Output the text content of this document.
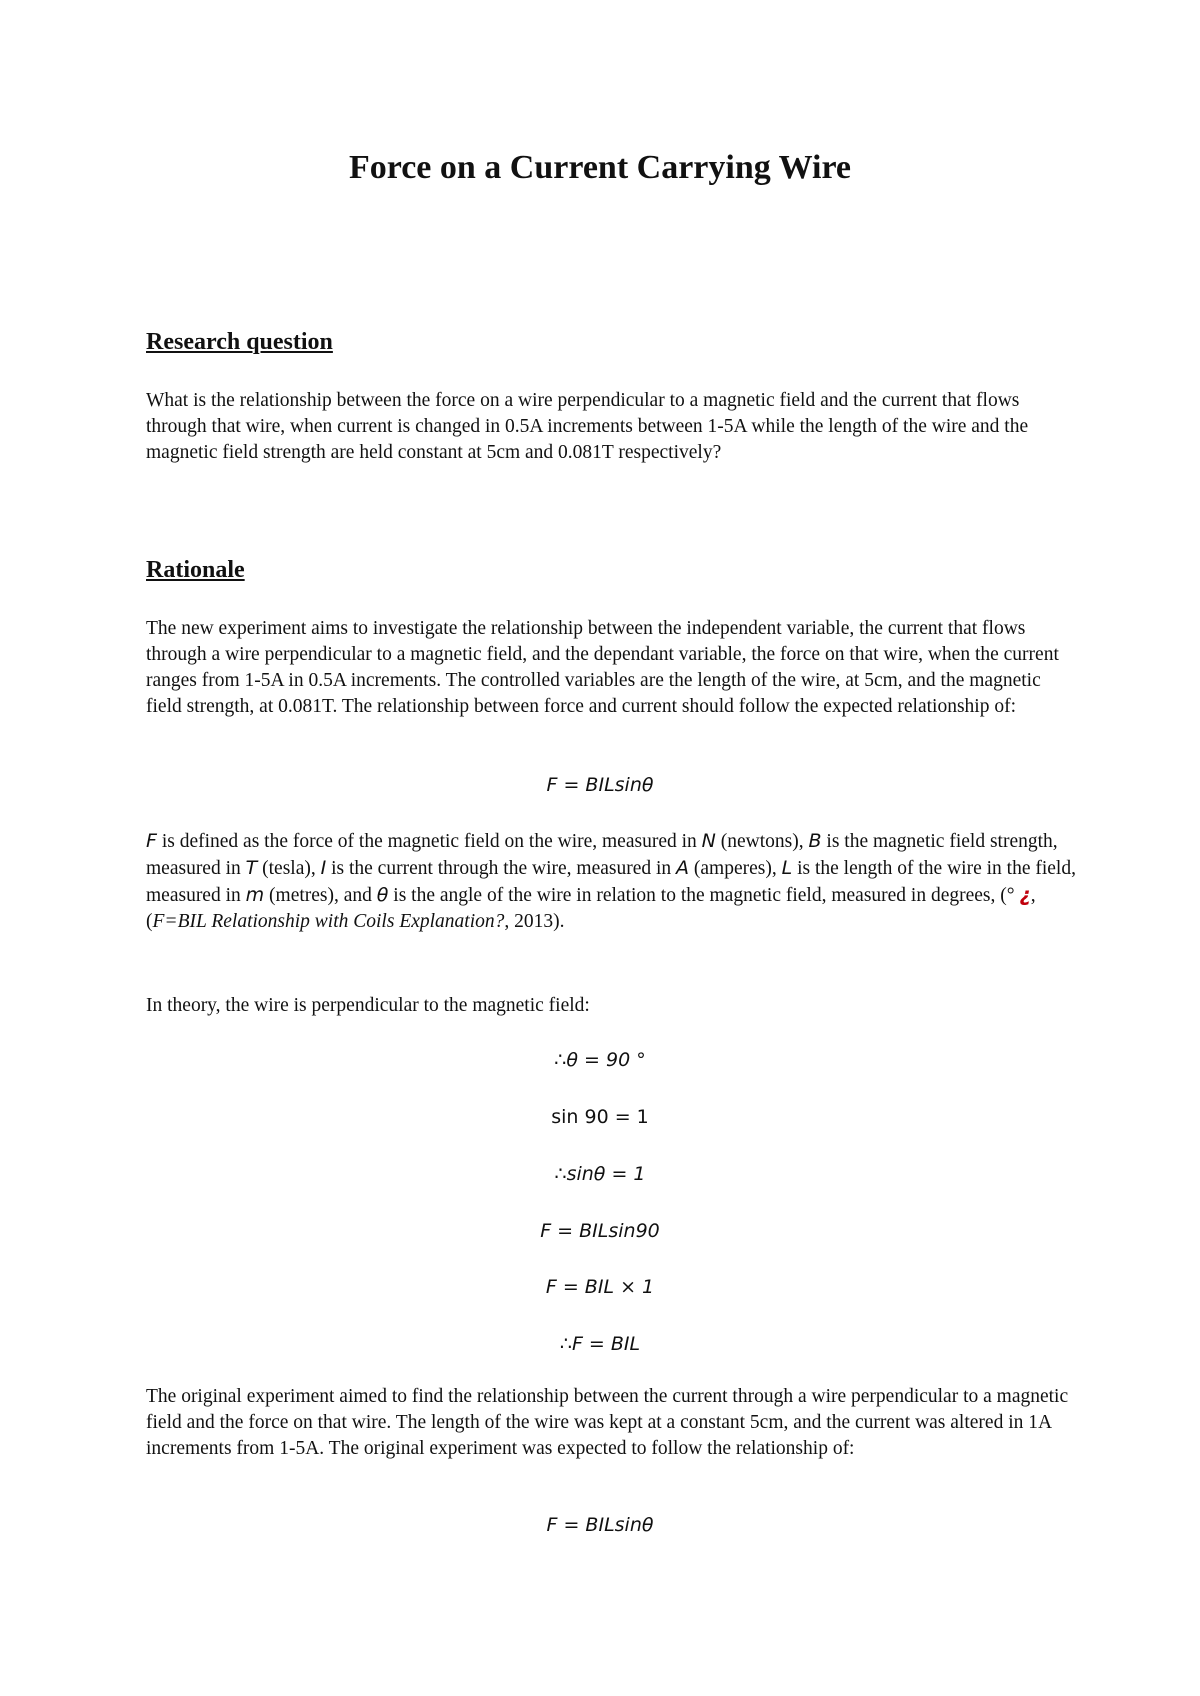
Force on a Current Carrying Wire
Research question

What is the relationship between the force on a wire perpendicular to a magnetic field and the current that flows through that wire, when current is changed in 0.5A increments between 1-5A while the length of the wire and the magnetic field strength are held constant at 5cm and 0.081T respectively?

Rationale

The new experiment aims to investigate the relationship between the independent variable, the current that flows through a wire perpendicular to a magnetic field, and the dependant variable, the force on that wire, when the current ranges from 1-5A in 0.5A increments. The controlled variables are the length of the wire, at 5cm, and the magnetic field strength, at 0.081T. The relationship between force and current should follow the expected relationship of:

F = BILsinθ

F is defined as the force of the magnetic field on the wire, measured in N (newtons), B is the magnetic field strength, measured in T (tesla), I is the current through the wire, measured in A (amperes), L is the length of the wire in the field, measured in m (metres), and θ is the angle of the wire in relation to the magnetic field, measured in degrees, (° ¿, (F=BIL Relationship with Coils Explanation?, 2013).

In theory, the wire is perpendicular to the magnetic field:

∴θ = 90 °
sin 90 = 1
∴sinθ = 1
F = BILsin90
F = BIL × 1
∴F = BIL

The original experiment aimed to find the relationship between the current through a wire perpendicular to a magnetic field and the force on that wire. The length of the wire was kept at a constant 5cm, and the current was altered in 1A increments from 1-5A. The original experiment was expected to follow the relationship of:

F = BILsinθ
